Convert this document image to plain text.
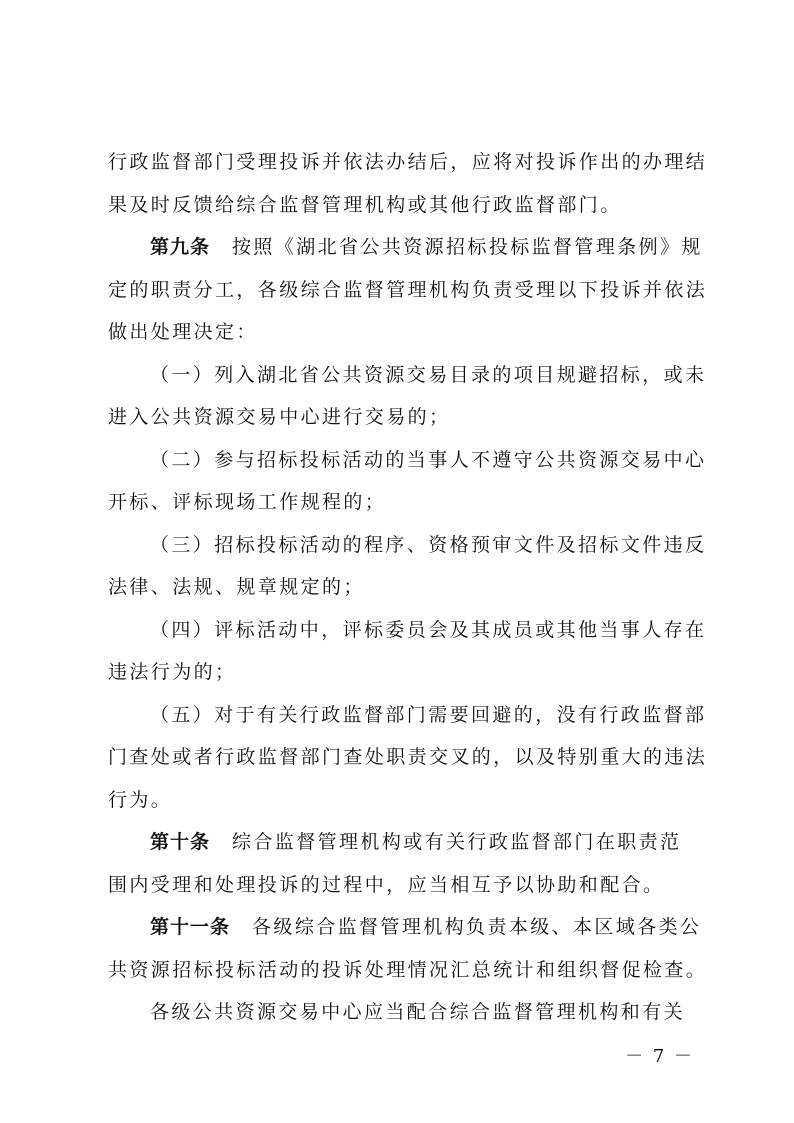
行政监督部门受理投诉并依法办结后，应将对投诉作出的办理结
果及时反馈给综合监督管理机构或其他行政监督部门。
第九条 按照《湖北省公共资源招标投标监督管理条例》规
定的职责分工，各级综合监督管理机构负责受理以下投诉并依法
做出处理决定：
（一）列入湖北省公共资源交易目录的项目规避招标，或未
进入公共资源交易中心进行交易的；
（二）参与招标投标活动的当事人不遵守公共资源交易中心
开标、评标现场工作规程的；
（三）招标投标活动的程序、资格预审文件及招标文件违反
法律、法规、规章规定的；
（四）评标活动中，评标委员会及其成员或其他当事人存在
违法行为的；
（五）对于有关行政监督部门需要回避的，没有行政监督部
门查处或者行政监督部门查处职责交叉的，以及特别重大的违法
行为。
第十条 综合监督管理机构或有关行政监督部门在职责范
围内受理和处理投诉的过程中，应当相互予以协助和配合。
第十一条 各级综合监督管理机构负责本级、本区域各类公
共资源招标投标活动的投诉处理情况汇总统计和组织督促检查。
各级公共资源交易中心应当配合综合监督管理机构和有关
－ 7 －
